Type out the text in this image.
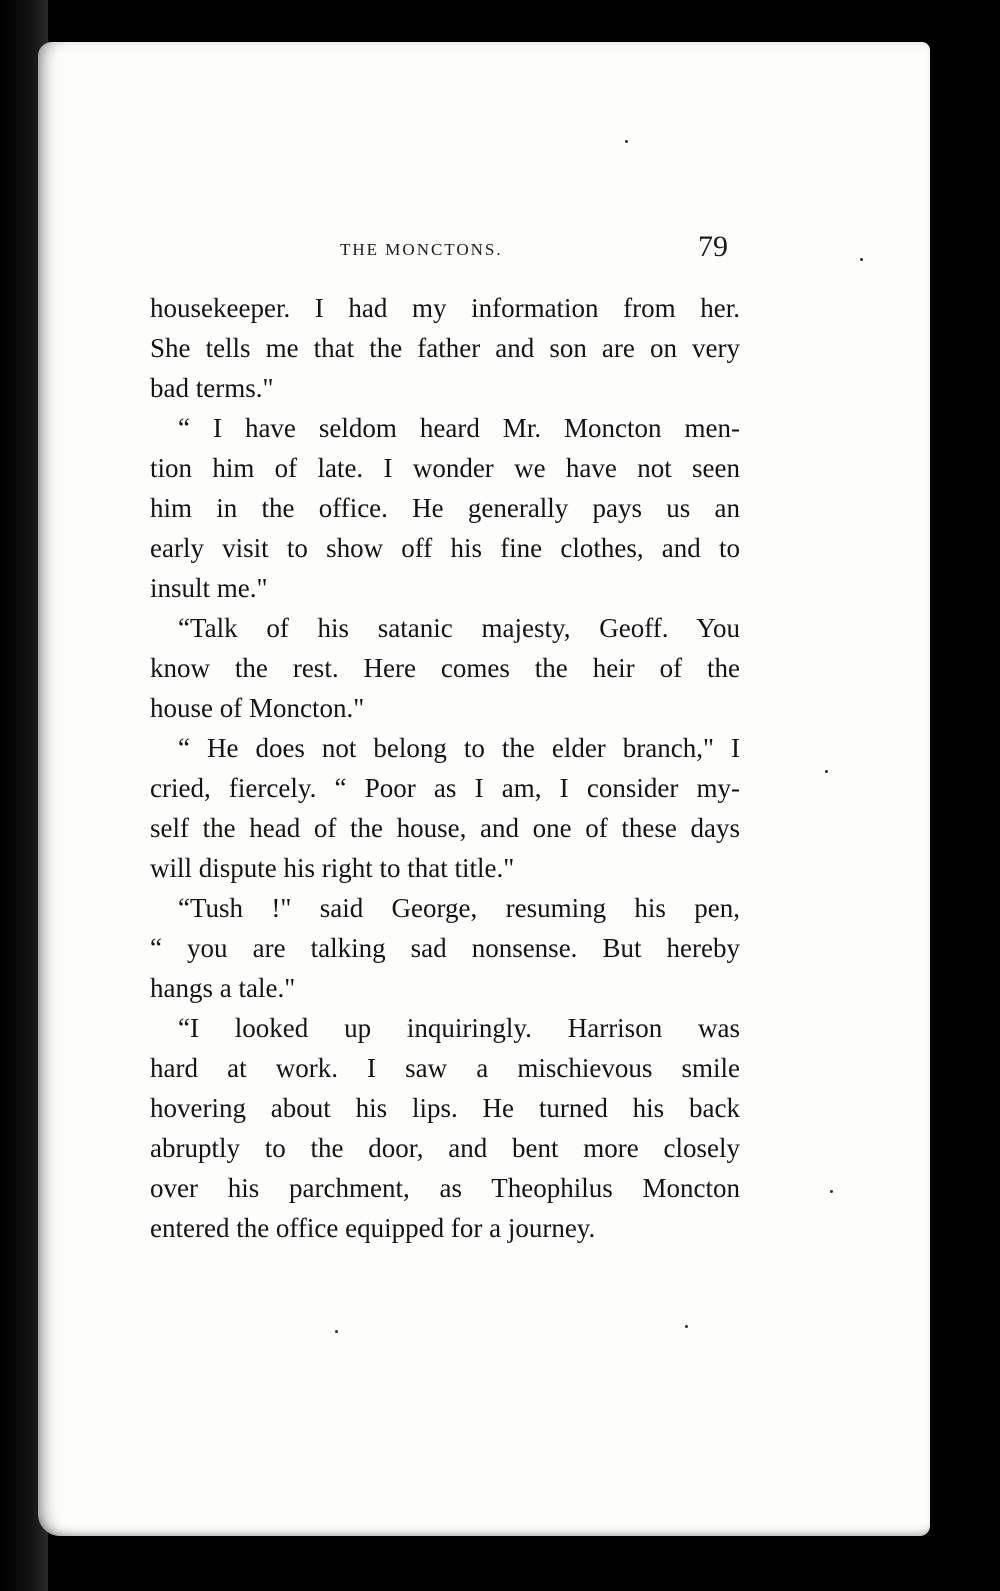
THE MONCTONS.	79
housekeeper. I had my information from her.
She tells me that the father and son are on very
bad terms."
“ I have seldom heard Mr. Moncton men-
tion him of late. I wonder we have not seen
him in the office. He generally pays us an
early visit to show off his fine clothes, and to
insult me."
“Talk of his satanic majesty, Geoff. You
know the rest. Here comes the heir of the
house of Moncton."
“ He does not belong to the elder branch," I
cried, fiercely. “ Poor as I am, I consider my-
self the head of the house, and one of these days
will dispute his right to that title."
“Tush !" said George, resuming his pen,
“ you are talking sad nonsense. But hereby
hangs a tale."
“I looked up inquiringly. Harrison was
hard at work. I saw a mischievous smile
hovering about his lips. He turned his back
abruptly to the door, and bent more closely
over his parchment, as Theophilus Moncton
entered the office equipped for a journey.
